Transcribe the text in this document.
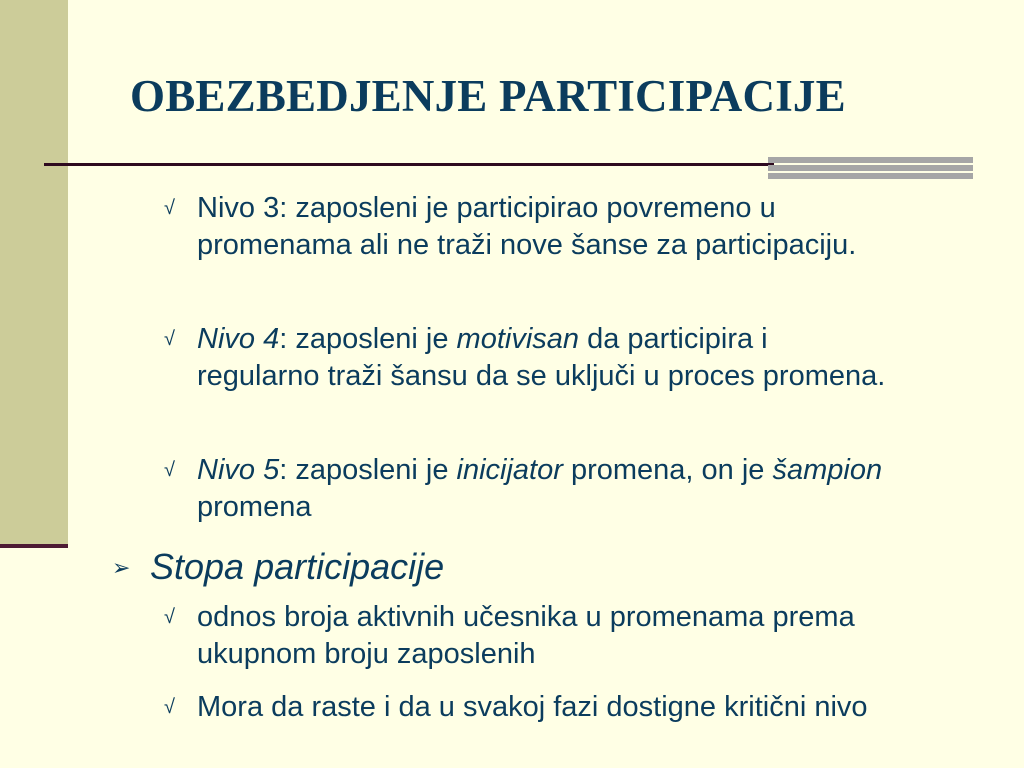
OBEZBEDJENJE PARTICIPACIJE
√ Nivo 3: zaposleni je participirao povremeno u promenama ali ne traži nove šanse za participaciju.
√ Nivo 4: zaposleni je motivisan da participira i regularno traži šansu da se uključi u proces promena.
√ Nivo 5: zaposleni je inicijator promena, on je šampion promena
➢ Stopa participacije
√ odnos broja aktivnih učesnika u promenama prema ukupnom broju zaposlenih
√ Mora da raste i da u svakoj fazi dostigne kritični nivo
